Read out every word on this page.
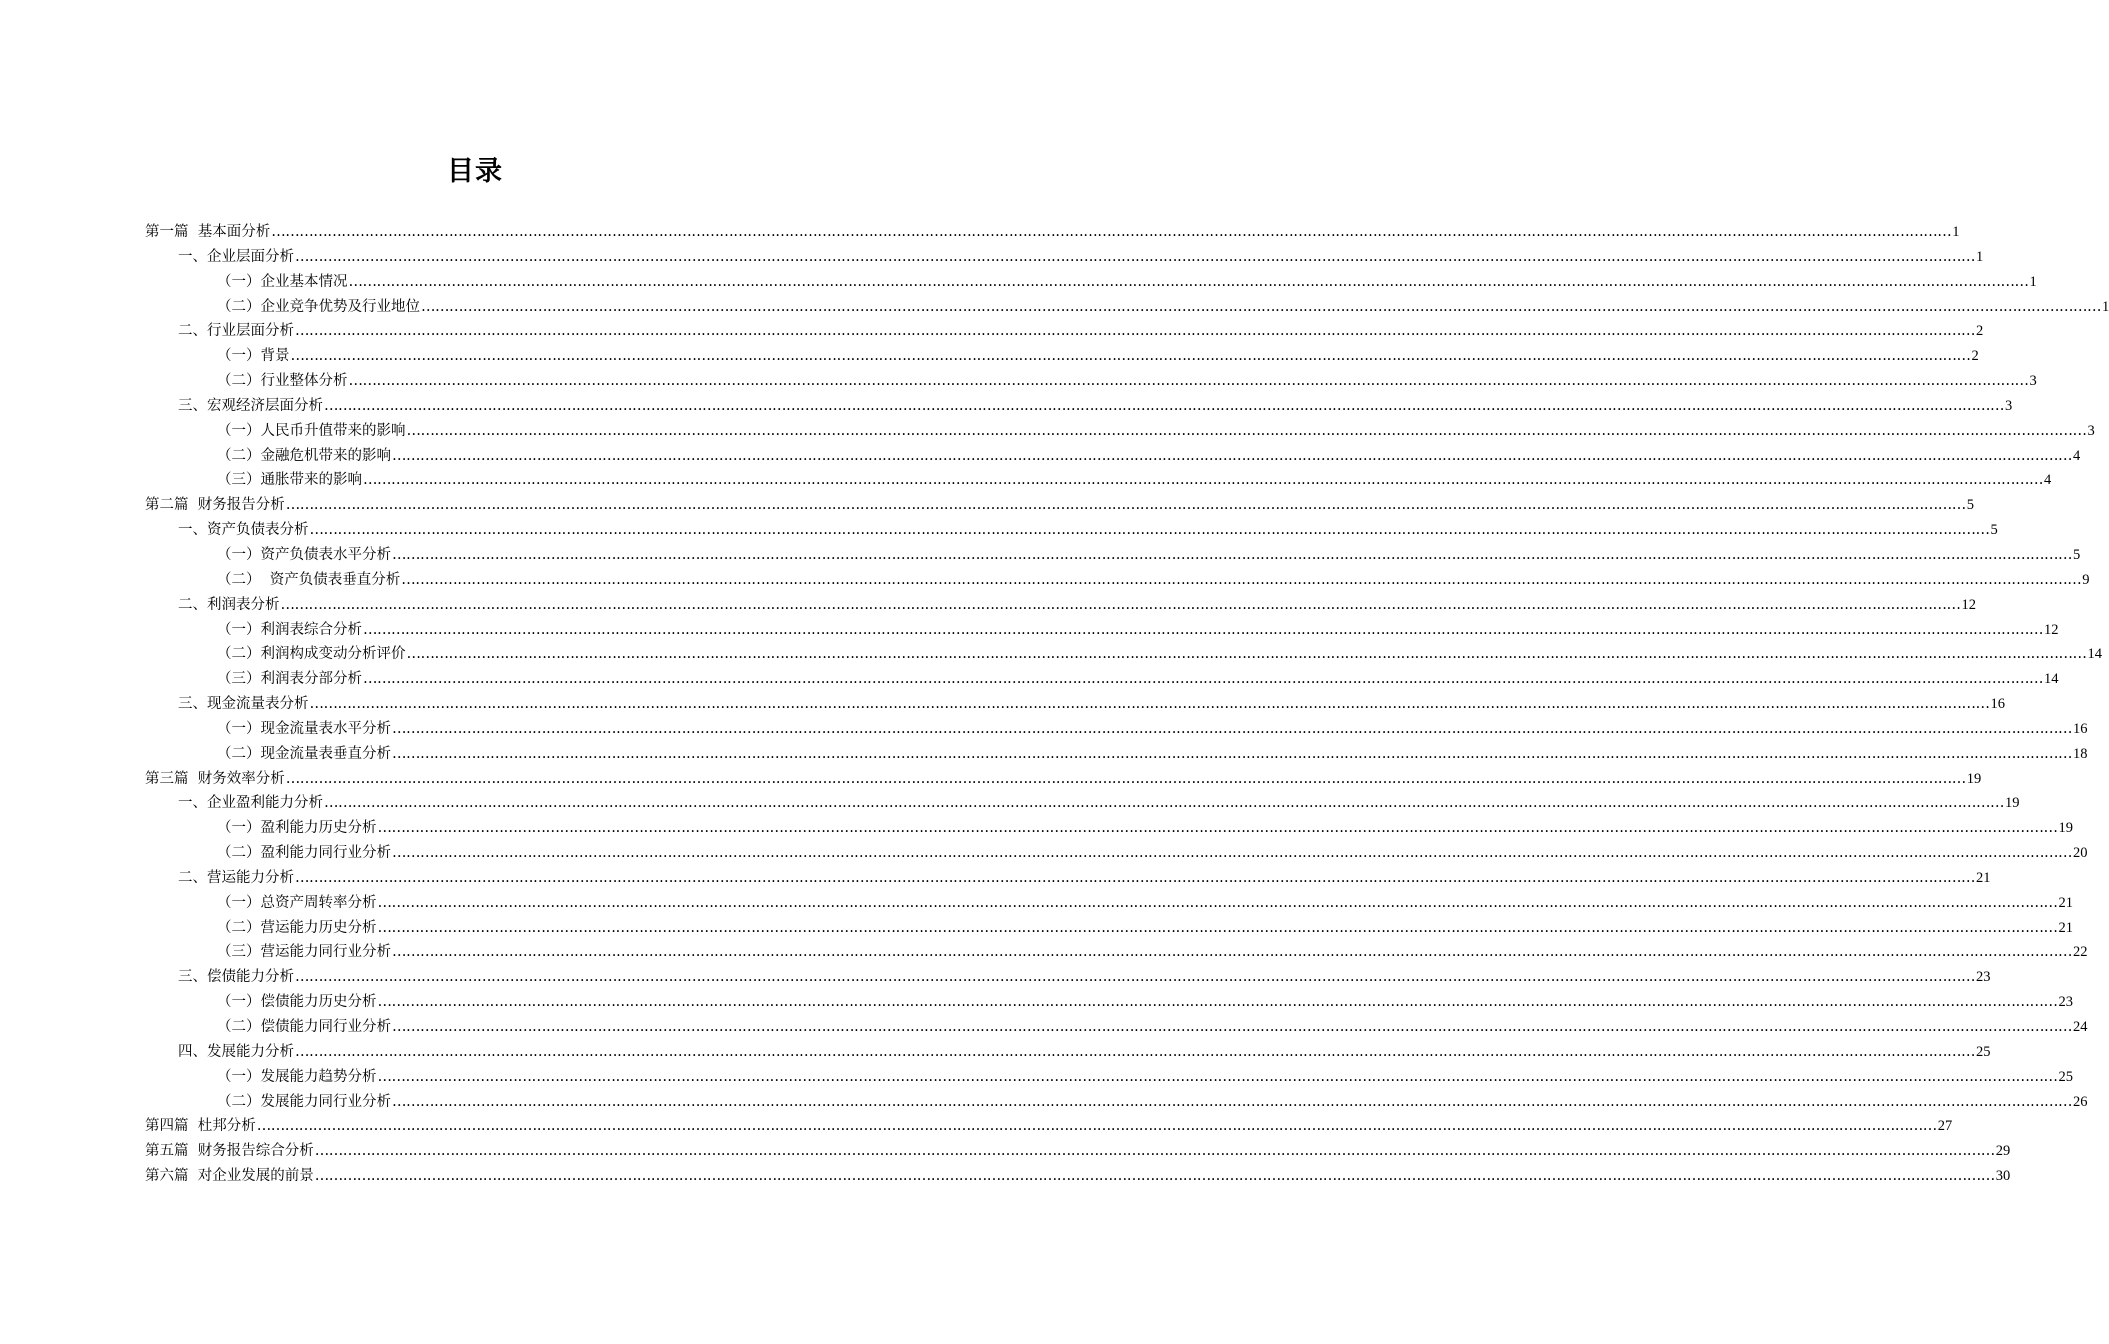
目录
第一篇  基本面分析 ……………………………………………………………………………………………………………………………………………………………………………………………………………………………………………………………………………………………………………………………… 1
一、企业层面分析 ……………………………………………………………………………………………………………………………………………………………………………………………………………………………………………………………………………………………………………………………… 1
（一）企业基本情况 ……………………………………………………………………………………………………………………………………………………………………………………………………………………………………………………………………………………………………………………………… 1
（二）企业竞争优势及行业地位 ……………………………………………………………………………………………………………………………………………………………………………………………………………………………………………………………………………………………………………………………… 1
二、行业层面分析 ……………………………………………………………………………………………………………………………………………………………………………………………………………………………………………………………………………………………………………………………… 2
（一）背景 ……………………………………………………………………………………………………………………………………………………………………………………………………………………………………………………………………………………………………………………………… 2
（二）行业整体分析 ……………………………………………………………………………………………………………………………………………………………………………………………………………………………………………………………………………………………………………………………… 3
三、宏观经济层面分析 ……………………………………………………………………………………………………………………………………………………………………………………………………………………………………………………………………………………………………………………………… 3
（一）人民币升值带来的影响 ……………………………………………………………………………………………………………………………………………………………………………………………………………………………………………………………………………………………………………………………… 3
（二）金融危机带来的影响 ……………………………………………………………………………………………………………………………………………………………………………………………………………………………………………………………………………………………………………………………… 4
（三）通胀带来的影响 ……………………………………………………………………………………………………………………………………………………………………………………………………………………………………………………………………………………………………………………………… 4
第二篇  财务报告分析 ……………………………………………………………………………………………………………………………………………………………………………………………………………………………………………………………………………………………………………………………… 5
一、资产负债表分析 ……………………………………………………………………………………………………………………………………………………………………………………………………………………………………………………………………………………………………………………………… 5
（一）资产负债表水平分析 ……………………………………………………………………………………………………………………………………………………………………………………………………………………………………………………………………………………………………………………………… 5
（二）  资产负债表垂直分析 ……………………………………………………………………………………………………………………………………………………………………………………………………………………………………………………………………………………………………………………………… 9
二、利润表分析 ……………………………………………………………………………………………………………………………………………………………………………………………………………………………………………………………………………………………………………………………… 12
（一）利润表综合分析 ……………………………………………………………………………………………………………………………………………………………………………………………………………………………………………………………………………………………………………………………… 12
（二）利润构成变动分析评价 ……………………………………………………………………………………………………………………………………………………………………………………………………………………………………………………………………………………………………………………………… 14
（三）利润表分部分析 ……………………………………………………………………………………………………………………………………………………………………………………………………………………………………………………………………………………………………………………………… 14
三、现金流量表分析 ……………………………………………………………………………………………………………………………………………………………………………………………………………………………………………………………………………………………………………………………… 16
（一）现金流量表水平分析 ……………………………………………………………………………………………………………………………………………………………………………………………………………………………………………………………………………………………………………………………… 16
（二）现金流量表垂直分析 ……………………………………………………………………………………………………………………………………………………………………………………………………………………………………………………………………………………………………………………………… 18
第三篇  财务效率分析 ……………………………………………………………………………………………………………………………………………………………………………………………………………………………………………………………………………………………………………………………… 19
一、企业盈利能力分析 ……………………………………………………………………………………………………………………………………………………………………………………………………………………………………………………………………………………………………………………………… 19
（一）盈利能力历史分析 ……………………………………………………………………………………………………………………………………………………………………………………………………………………………………………………………………………………………………………………………… 19
（二）盈利能力同行业分析 ……………………………………………………………………………………………………………………………………………………………………………………………………………………………………………………………………………………………………………………………… 20
二、营运能力分析 ……………………………………………………………………………………………………………………………………………………………………………………………………………………………………………………………………………………………………………………………… 21
（一）总资产周转率分析 ……………………………………………………………………………………………………………………………………………………………………………………………………………………………………………………………………………………………………………………………… 21
（二）营运能力历史分析 ……………………………………………………………………………………………………………………………………………………………………………………………………………………………………………………………………………………………………………………………… 21
（三）营运能力同行业分析 ……………………………………………………………………………………………………………………………………………………………………………………………………………………………………………………………………………………………………………………………… 22
三、偿债能力分析 ……………………………………………………………………………………………………………………………………………………………………………………………………………………………………………………………………………………………………………………………… 23
（一）偿债能力历史分析 ……………………………………………………………………………………………………………………………………………………………………………………………………………………………………………………………………………………………………………………………… 23
（二）偿债能力同行业分析 ……………………………………………………………………………………………………………………………………………………………………………………………………………………………………………………………………………………………………………………………… 24
四、发展能力分析 ……………………………………………………………………………………………………………………………………………………………………………………………………………………………………………………………………………………………………………………………… 25
（一）发展能力趋势分析 ……………………………………………………………………………………………………………………………………………………………………………………………………………………………………………………………………………………………………………………………… 25
（二）发展能力同行业分析 ……………………………………………………………………………………………………………………………………………………………………………………………………………………………………………………………………………………………………………………………… 26
第四篇  杜邦分析 ……………………………………………………………………………………………………………………………………………………………………………………………………………………………………………………………………………………………………………………………… 27
第五篇  财务报告综合分析 ……………………………………………………………………………………………………………………………………………………………………………………………………………………………………………………………………………………………………………………………… 29
第六篇  对企业发展的前景 ……………………………………………………………………………………………………………………………………………………………………………………………………………………………………………………………………………………………………………………………… 30
